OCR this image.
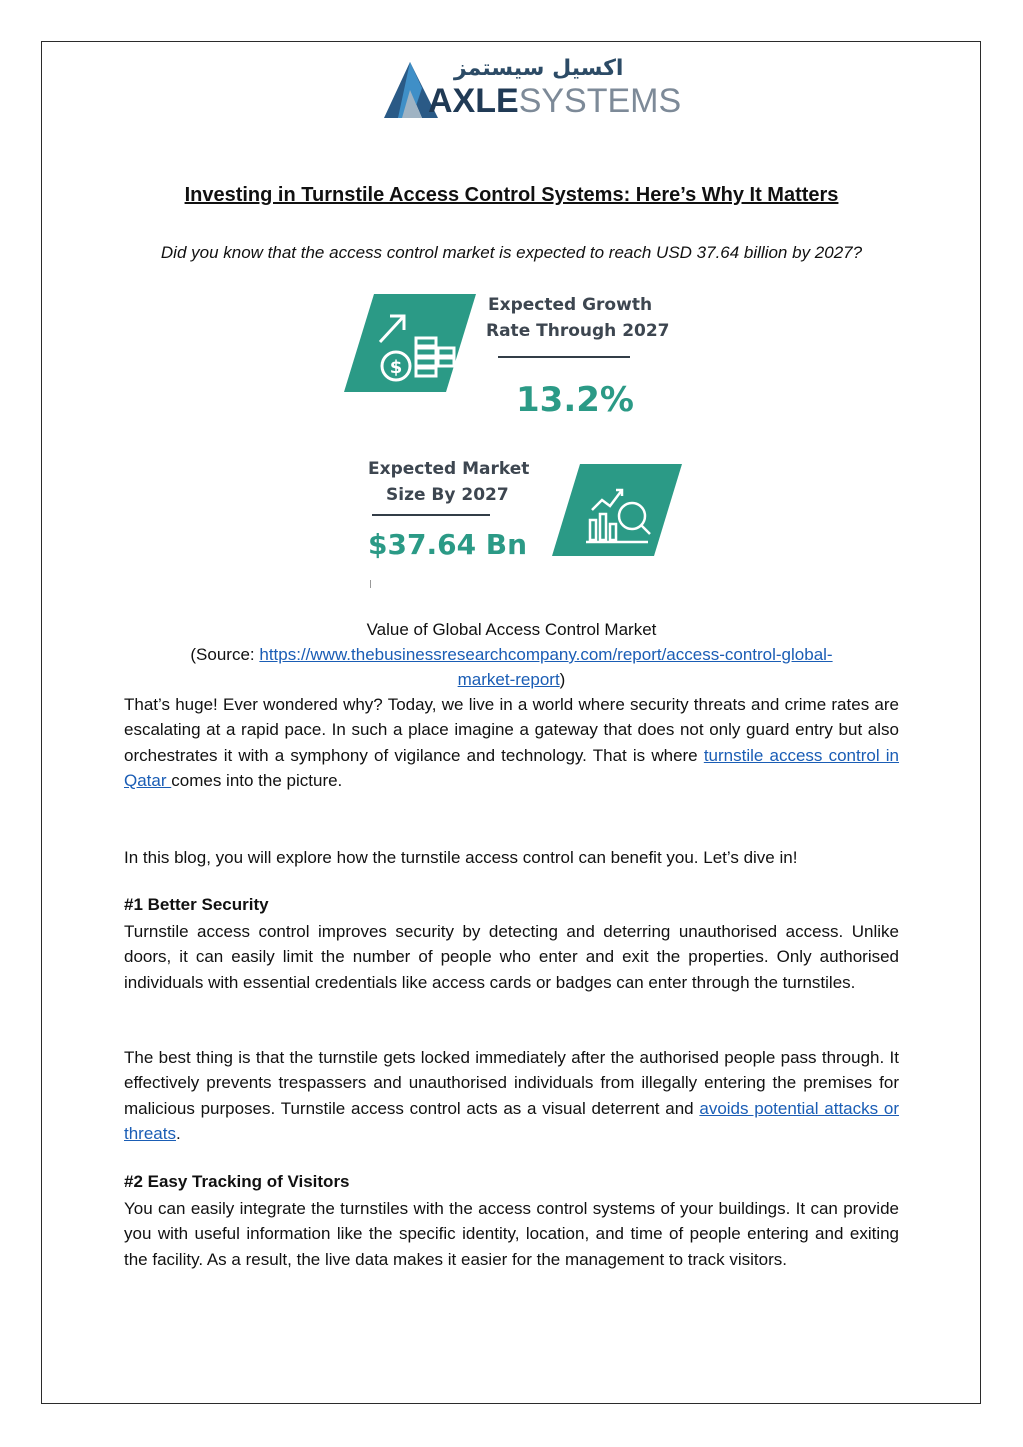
اكسيل سيستمز
AXLESYSTEMS
Investing in Turnstile Access Control Systems: Here’s Why It Matters
Did you know that the access control market is expected to reach USD 37.64 billion by 2027?
$
Expected Growth
Rate Through 2027
13.2%
Expected Market
Size By 2027
$37.64 Bn
Value of Global Access Control Market
(Source: https://www.thebusinessresearchcompany.com/report/access-control-global-
market-report)
That’s huge! Ever wondered why? Today, we live in a world where security threats and crime rates are escalating at a rapid pace. In such a place imagine a gateway that does not only guard entry but also orchestrates it with a symphony of vigilance and technology. That is where turnstile access control in Qatar comes into the picture.
In this blog, you will explore how the turnstile access control can benefit you. Let’s dive in!
#1 Better Security
Turnstile access control improves security by detecting and deterring unauthorised access. Unlike doors, it can easily limit the number of people who enter and exit the properties. Only authorised individuals with essential credentials like access cards or badges can enter through the turnstiles.
The best thing is that the turnstile gets locked immediately after the authorised people pass through. It effectively prevents trespassers and unauthorised individuals from illegally entering the premises for malicious purposes. Turnstile access control acts as a visual deterrent and avoids potential attacks or threats.
#2 Easy Tracking of Visitors
You can easily integrate the turnstiles with the access control systems of your buildings. It can provide you with useful information like the specific identity, location, and time of people entering and exiting the facility. As a result, the live data makes it easier for the management to track visitors.
